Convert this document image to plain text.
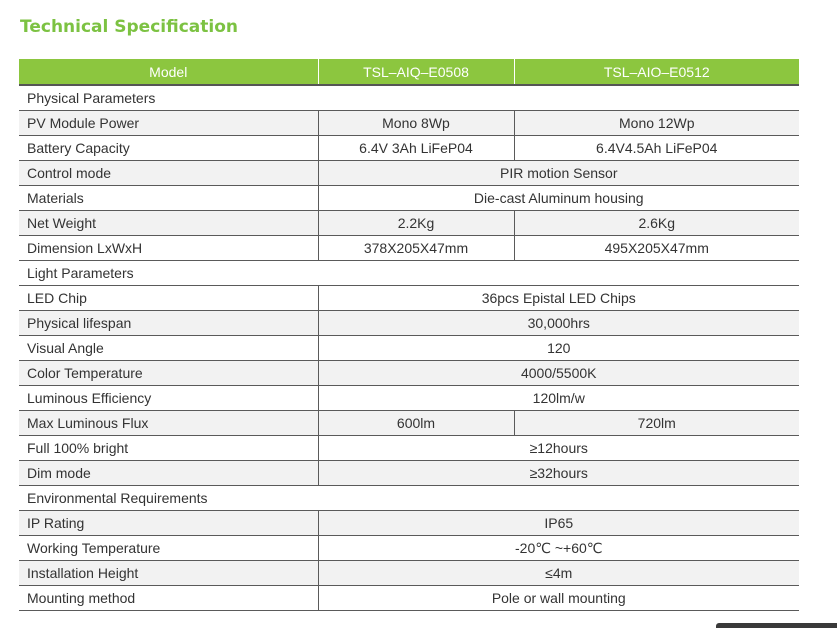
Technical Specification
Model	TSL–AIQ–E0508	TSL–AIO–E0512
Physical Parameters		
PV Module Power	Mono 8Wp	Mono 12Wp
Battery Capacity	6.4V 3Ah LiFeP04	6.4V4.5Ah LiFeP04
Control mode	PIR motion Sensor	
Materials	Die-cast Aluminum housing	
Net Weight	2.2Kg	2.6Kg
Dimension LxWxH	378X205X47mm	495X205X47mm
Light Parameters		
LED Chip	36pcs Epistal LED Chips	
Physical lifespan	30,000hrs	
Visual Angle	120	
Color Temperature	4000/5500K	
Luminous Efficiency	120lm/w	
Max Luminous Flux	600lm	720lm
Full 100% bright	≥12hours	
Dim mode	≥32hours	
Environmental Requirements		
IP Rating	IP65	
Working Temperature	-20℃ ~+60℃	
Installation Height	≤4m	
Mounting method	Pole or wall mounting	
